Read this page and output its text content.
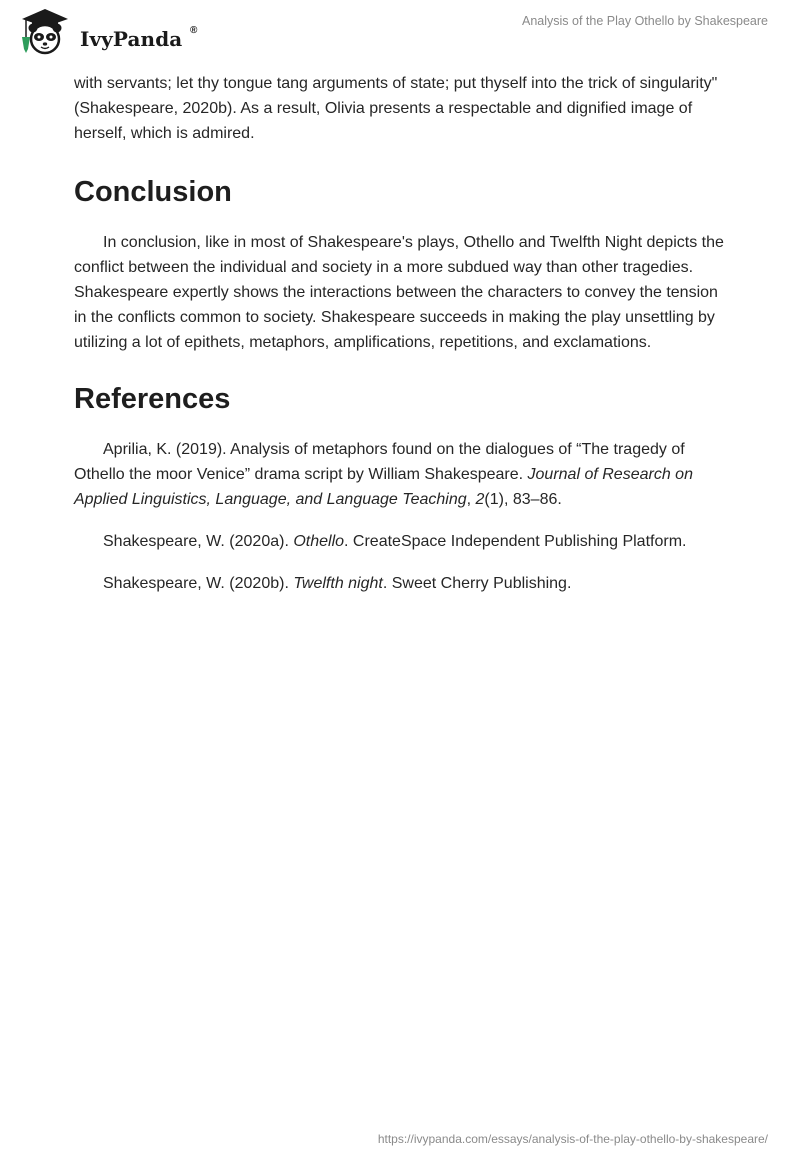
IvyPanda ®
Analysis of the Play Othello by Shakespeare

with servants; let thy tongue tang arguments of state; put thyself into the trick of singularity" (Shakespeare, 2020b). As a result, Olivia presents a respectable and dignified image of herself, which is admired.

Conclusion

In conclusion, like in most of Shakespeare's plays, Othello and Twelfth Night depicts the conflict between the individual and society in a more subdued way than other tragedies. Shakespeare expertly shows the interactions between the characters to convey the tension in the conflicts common to society. Shakespeare succeeds in making the play unsettling by utilizing a lot of epithets, metaphors, amplifications, repetitions, and exclamations.

References

Aprilia, K. (2019). Analysis of metaphors found on the dialogues of “The tragedy of Othello the moor Venice” drama script by William Shakespeare. Journal of Research on Applied Linguistics, Language, and Language Teaching, 2(1), 83–86.

Shakespeare, W. (2020a). Othello. CreateSpace Independent Publishing Platform.

Shakespeare, W. (2020b). Twelfth night. Sweet Cherry Publishing.

https://ivypanda.com/essays/analysis-of-the-play-othello-by-shakespeare/
